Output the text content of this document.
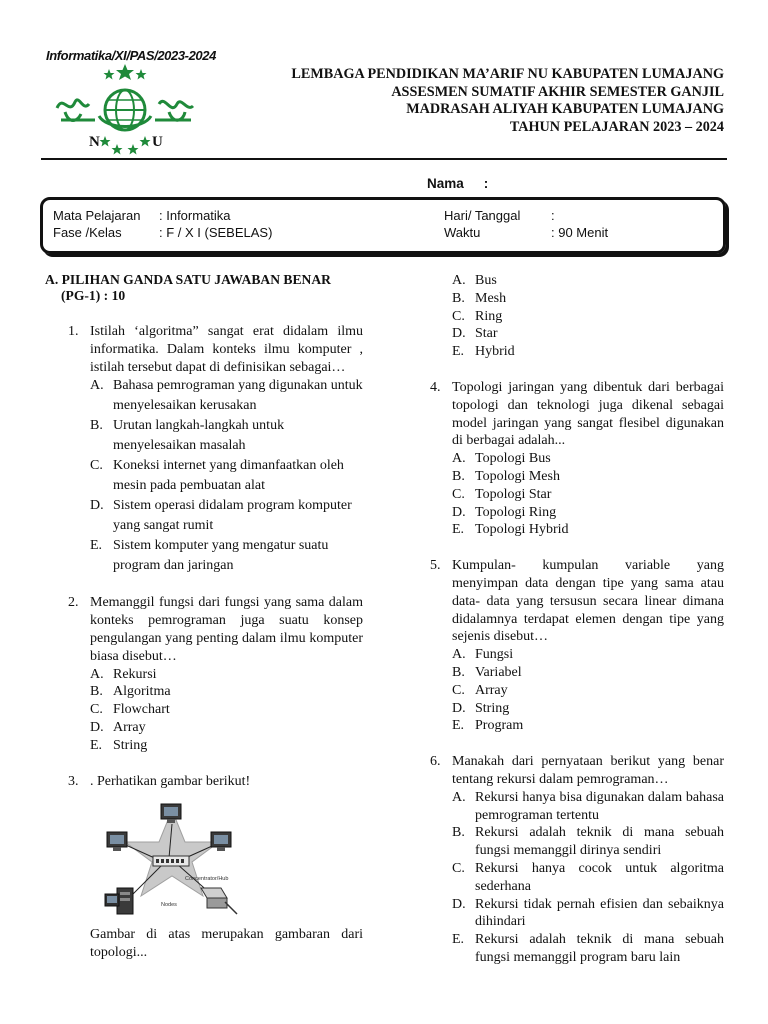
Informatika/XI/PAS/2023-2024
N	U
LEMBAGA PENDIDIKAN MA’ARIF NU KABUPATEN LUMAJANG
ASSESMEN SUMATIF AKHIR SEMESTER GANJIL
MADRASAH ALIYAH KABUPATEN LUMAJANG
TAHUN PELAJARAN 2023 – 2024
Nama :
Mata Pelajaran : Informatika
Fase /Kelas	: F / X I (SEBELAS)
Hari/ Tanggal :
Waktu	: 90 Menit
A. PILIHAN GANDA SATU JAWABAN BENAR
(PG-1) : 10
1. Istilah ‘algoritma” sangat erat didalam ilmu informatika. Dalam konteks ilmu komputer , istilah tersebut dapat di definisikan sebagai…
A. Bahasa pemrograman yang digunakan untuk menyelesaikan kerusakan
B. Urutan langkah-langkah untuk menyelesaikan masalah
C. Koneksi internet yang dimanfaatkan oleh mesin pada pembuatan alat
D. Sistem operasi didalam program komputer yang sangat rumit
E. Sistem komputer yang mengatur suatu program dan jaringan
2. Memanggil fungsi dari fungsi yang sama dalam konteks pemrograman juga suatu konsep pengulangan yang penting dalam ilmu komputer biasa disebut…
A. Rekursi
B. Algoritma
C. Flowchart
D. Array
E. String
3. . Perhatikan gambar berikut!
Concentrator/Hub
Nodes
Gambar di atas merupakan gambaran dari topologi...
A. Bus
B. Mesh
C. Ring
D. Star
E. Hybrid
4. Topologi jaringan yang dibentuk dari berbagai topologi dan teknologi juga dikenal sebagai model jaringan yang sangat flesibel digunakan di berbagai adalah...
A. Topologi Bus
B. Topologi Mesh
C. Topologi Star
D. Topologi Ring
E. Topologi Hybrid
5. Kumpulan- kumpulan variable yang menyimpan data dengan tipe yang sama atau data- data yang tersusun secara linear dimana didalamnya terdapat elemen dengan tipe yang sejenis disebut…
A. Fungsi
B. Variabel
C. Array
D. String
E. Program
6. Manakah dari pernyataan berikut yang benar tentang rekursi dalam pemrograman…
A. Rekursi hanya bisa digunakan dalam bahasa pemrograman tertentu
B. Rekursi adalah teknik di mana sebuah fungsi memanggil dirinya sendiri
C. Rekursi hanya cocok untuk algoritma sederhana
D. Rekursi tidak pernah efisien dan sebaiknya dihindari
E. Rekursi adalah teknik di mana sebuah fungsi memanggil program baru lain
